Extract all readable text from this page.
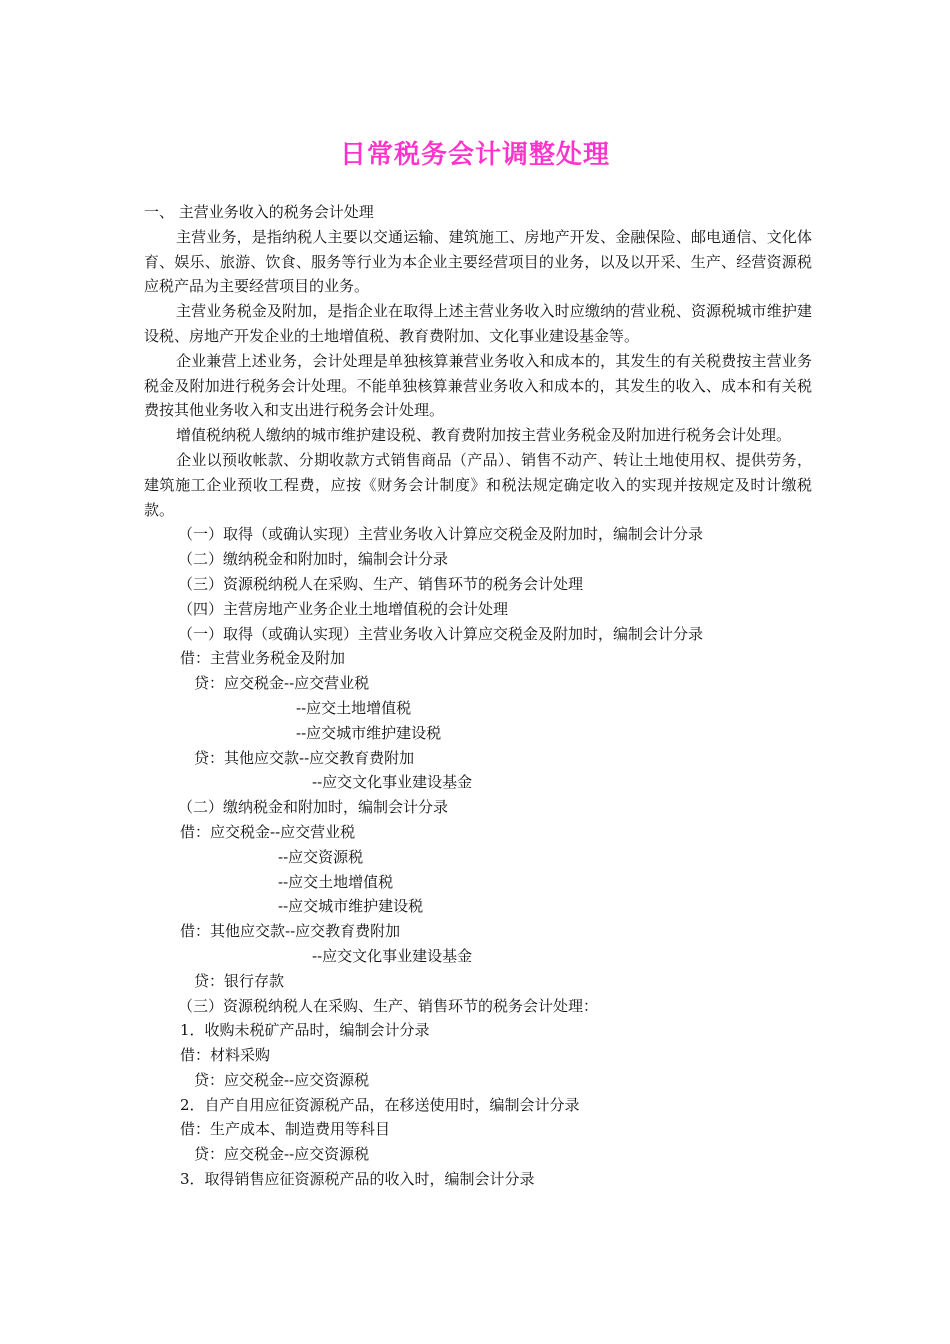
日常税务会计调整处理

一、 主营业务收入的税务会计处理

主营业务，是指纳税人主要以交通运输、建筑施工、房地产开发、金融保险、邮电通信、文化体育、娱乐、旅游、饮食、服务等行业为本企业主要经营项目的业务，以及以开采、生产、经营资源税应税产品为主要经营项目的业务。

主营业务税金及附加，是指企业在取得上述主营业务收入时应缴纳的营业税、资源税城市维护建设税、房地产开发企业的土地增值税、教育费附加、文化事业建设基金等。

企业兼营上述业务，会计处理是单独核算兼营业务收入和成本的，其发生的有关税费按主营业务税金及附加进行税务会计处理。不能单独核算兼营业务收入和成本的，其发生的收入、成本和有关税费按其他业务收入和支出进行税务会计处理。

增值税纳税人缴纳的城市维护建设税、教育费附加按主营业务税金及附加进行税务会计处理。

企业以预收帐款、分期收款方式销售商品（产品）、销售不动产、转让土地使用权、提供劳务，建筑施工企业预收工程费，应按《财务会计制度》和税法规定确定收入的实现并按规定及时计缴税款。

（一）取得（或确认实现）主营业务收入计算应交税金及附加时，编制会计分录

（二）缴纳税金和附加时，编制会计分录

（三）资源税纳税人在采购、生产、销售环节的税务会计处理

（四）主营房地产业务企业土地增值税的会计处理

（一）取得（或确认实现）主营业务收入计算应交税金及附加时，编制会计分录

借：主营业务税金及附加

贷：应交税金--应交营业税

--应交土地增值税

--应交城市维护建设税

贷：其他应交款--应交教育费附加

--应交文化事业建设基金

（二）缴纳税金和附加时，编制会计分录

借：应交税金--应交营业税

--应交资源税

--应交土地增值税

--应交城市维护建设税

借：其他应交款--应交教育费附加

--应交文化事业建设基金

贷：银行存款

（三）资源税纳税人在采购、生产、销售环节的税务会计处理：

1．收购未税矿产品时，编制会计分录

借：材料采购

贷：应交税金--应交资源税

2．自产自用应征资源税产品，在移送使用时，编制会计分录

借：生产成本、制造费用等科目

贷：应交税金--应交资源税

3．取得销售应征资源税产品的收入时，编制会计分录
